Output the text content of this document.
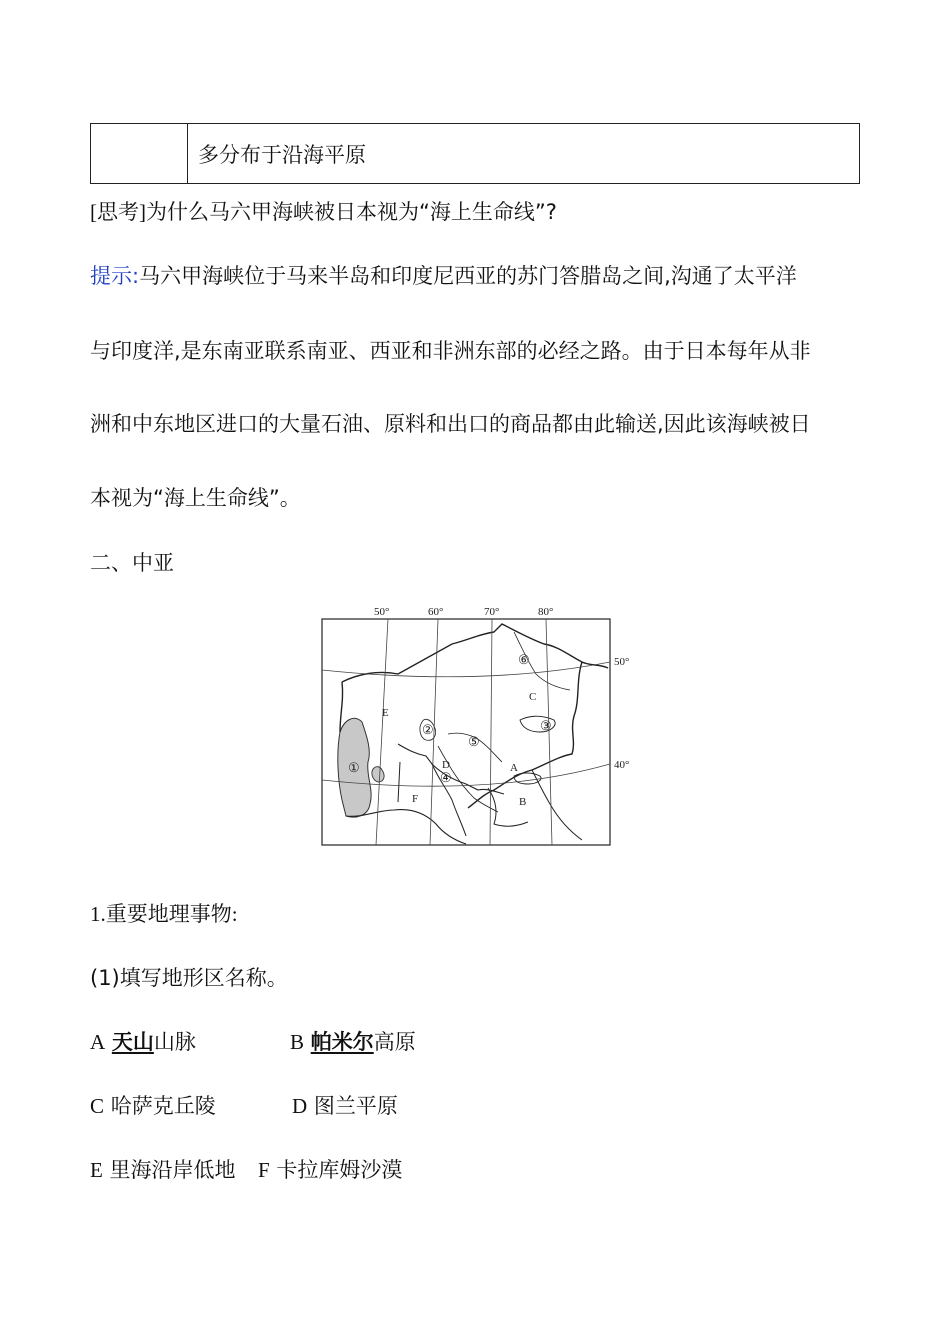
	多分布于沿海平原
[思考]为什么马六甲海峡被日本视为“海上生命线”?
提示:马六甲海峡位于马来半岛和印度尼西亚的苏门答腊岛之间,沟通了太平洋
与印度洋,是东南亚联系南亚、西亚和非洲东部的必经之路。由于日本每年从非
洲和中东地区进口的大量石油、原料和出口的商品都由此输送,因此该海峡被日
本视为“海上生命线”。
二、中亚
50°	60°	70°	80°
50°
40°
A
B
C
D
E
F
①
②	③
④
⑤
⑥
1.重要地理事物:
(1)填写地形区名称。
A 天山山脉	B 帕米尔高原
C 哈萨克丘陵	D 图兰平原
E 里海沿岸低地 F 卡拉库姆沙漠
